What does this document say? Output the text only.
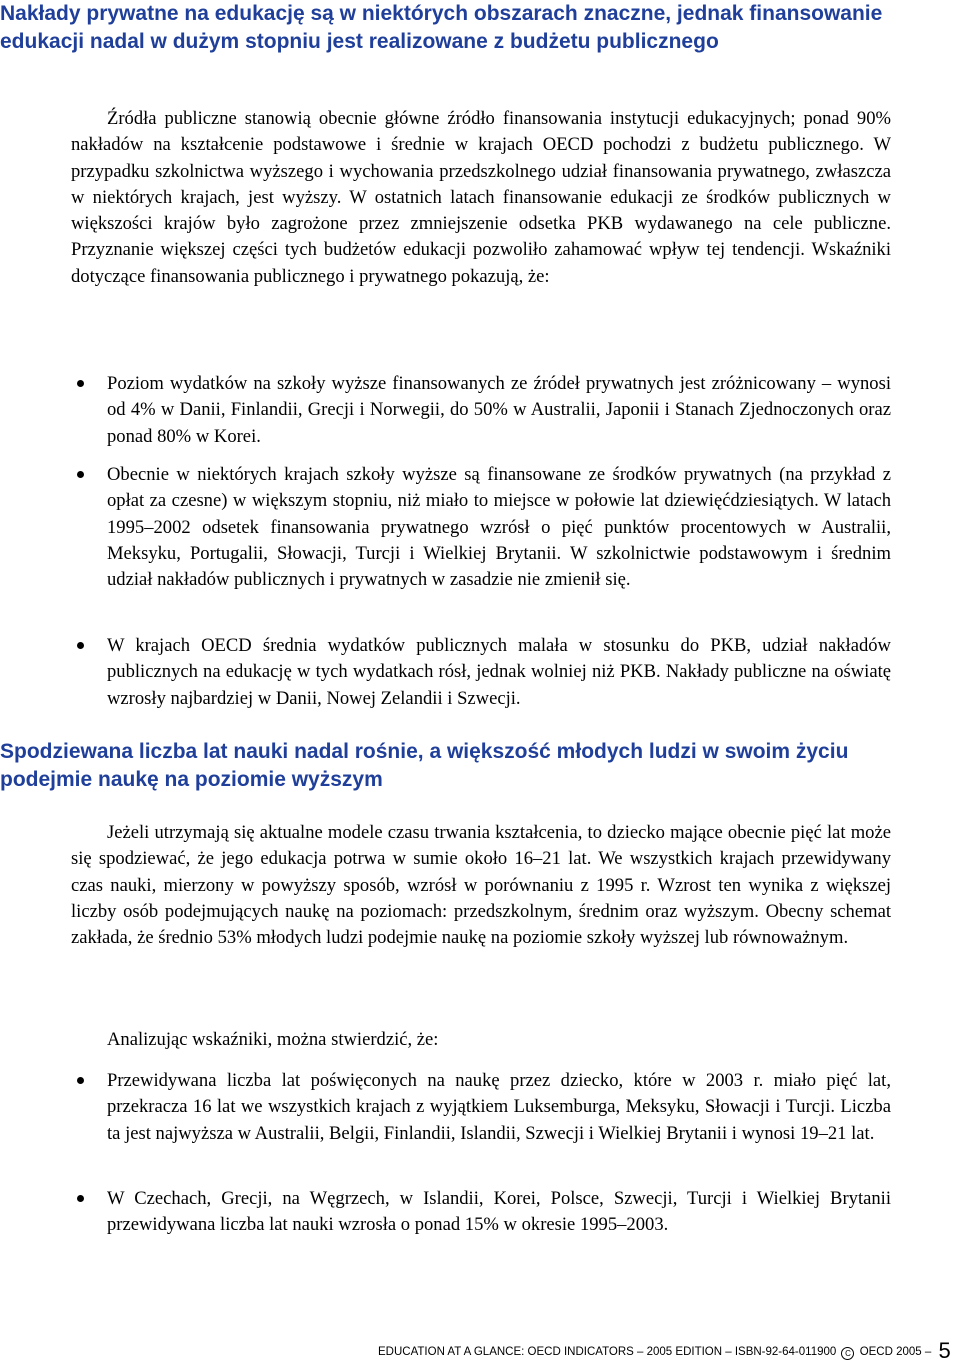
Nakłady prywatne na edukację są w niektórych obszarach znaczne, jednak finansowanie edukacji nadal w dużym stopniu jest realizowane z budżetu publicznego

Źródła publiczne stanowią obecnie główne źródło finansowania instytucji edukacyjnych; ponad 90% nakładów na kształcenie podstawowe i średnie w krajach OECD pochodzi z budżetu publicznego. W przypadku szkolnictwa wyższego i wychowania przedszkolnego udział finansowania prywatnego, zwłaszcza w niektórych krajach, jest wyższy. W ostatnich latach finansowanie edukacji ze środków publicznych w większości krajów było zagrożone przez zmniejszenie odsetka PKB wydawanego na cele publiczne. Przyznanie większej części tych budżetów edukacji pozwoliło zahamować wpływ tej tendencji. Wskaźniki dotyczące finansowania publicznego i prywatnego pokazują, że:

Poziom wydatków na szkoły wyższe finansowanych ze źródeł prywatnych jest zróżnicowany – wynosi od 4% w Danii, Finlandii, Grecji i Norwegii, do 50% w Australii, Japonii i Stanach Zjednoczonych oraz ponad 80% w Korei.
Obecnie w niektórych krajach szkoły wyższe są finansowane ze środków prywatnych (na przykład z opłat za czesne) w większym stopniu, niż miało to miejsce w połowie lat dziewięćdziesiątych. W latach 1995–2002 odsetek finansowania prywatnego wzrósł o pięć punktów procentowych w Australii, Meksyku, Portugalii, Słowacji, Turcji i Wielkiej Brytanii. W szkolnictwie podstawowym i średnim udział nakładów publicznych i prywatnych w zasadzie nie zmienił się.
W krajach OECD średnia wydatków publicznych malała w stosunku do PKB, udział nakładów publicznych na edukację w tych wydatkach rósł, jednak wolniej niż PKB. Nakłady publiczne na oświatę wzrosły najbardziej w Danii, Nowej Zelandii i Szwecji.
Spodziewana liczba lat nauki nadal rośnie, a większość młodych ludzi w swoim życiu podejmie naukę na poziomie wyższym

Jeżeli utrzymają się aktualne modele czasu trwania kształcenia, to dziecko mające obecnie pięć lat może się spodziewać, że jego edukacja potrwa w sumie około 16–21 lat. We wszystkich krajach przewidywany czas nauki, mierzony w powyższy sposób, wzrósł w porównaniu z 1995 r. Wzrost ten wynika z większej liczby osób podejmujących naukę na poziomach: przedszkolnym, średnim oraz wyższym. Obecny schemat zakłada, że średnio 53% młodych ludzi podejmie naukę na poziomie szkoły wyższej lub równoważnym.

Analizując wskaźniki, można stwierdzić, że:

Przewidywana liczba lat poświęconych na naukę przez dziecko, które w 2003 r. miało pięć lat, przekracza 16 lat we wszystkich krajach z wyjątkiem Luksemburga, Meksyku, Słowacji i Turcji. Liczba ta jest najwyższa w Australii, Belgii, Finlandii, Islandii, Szwecji i Wielkiej Brytanii i wynosi 19–21 lat.
W Czechach, Grecji, na Węgrzech, w Islandii, Korei, Polsce, Szwecji, Turcji i Wielkiej Brytanii przewidywana liczba lat nauki wzrosła o ponad 15% w okresie 1995–2003.
EDUCATION AT A GLANCE: OECD INDICATORS – 2005 EDITION – ISBN-92-64-011900 C OECD 2005 – 5
